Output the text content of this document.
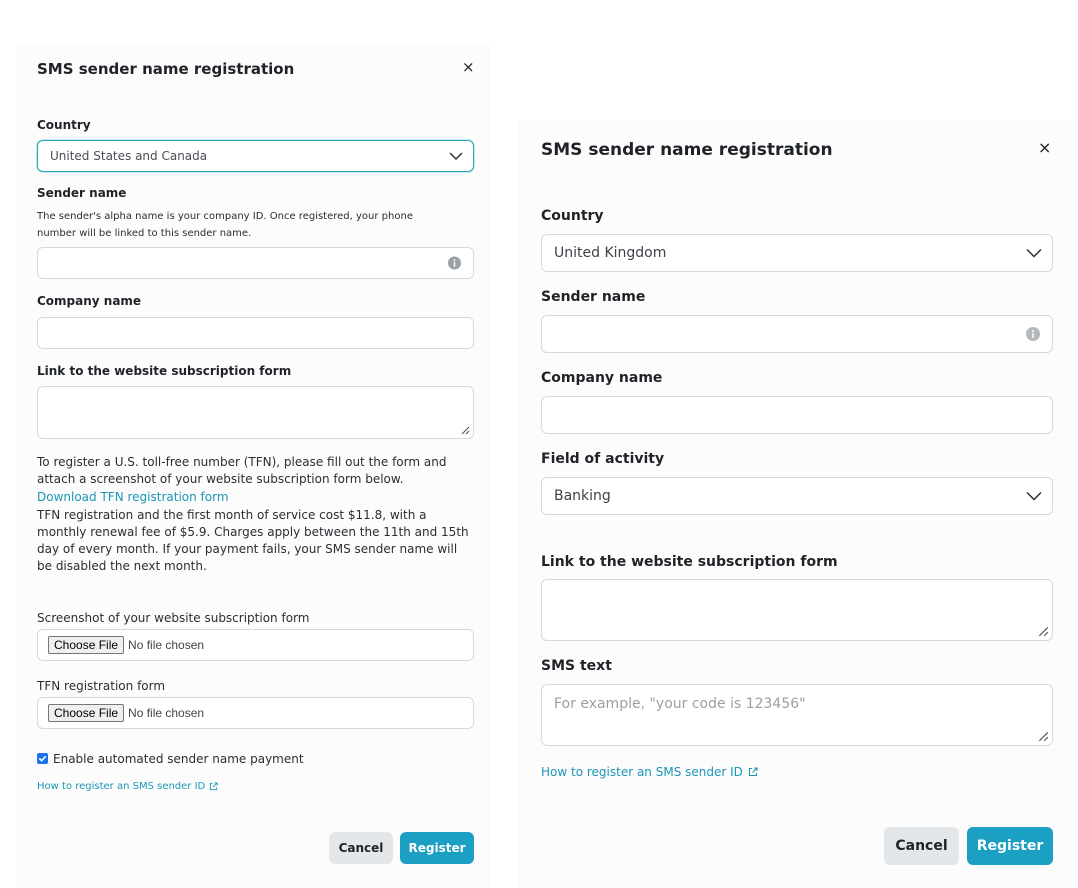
SMS sender name registration	×
Country
United States and Canada
Sender name
The sender's alpha name is your company ID. Once registered, your phone
number will be linked to this sender name.
Company name
Link to the website subscription form
To register a U.S. toll-free number (TFN), please fill out the form and
attach a screenshot of your website subscription form below.
Download TFN registration form
TFN registration and the first month of service cost $11.8, with a
monthly renewal fee of $5.9. Charges apply between the 11th and 15th
day of every month. If your payment fails, your SMS sender name will
be disabled the next month.
Screenshot of your website subscription form
Choose File No file chosen
TFN registration form
Choose File No file chosen
Enable automated sender name payment
How to register an SMS sender ID
Cancel	Register
SMS sender name registration	×
Country
United Kingdom
Sender name
Company name
Field of activity
Banking
Link to the website subscription form
SMS text
For example, "your code is 123456"
How to register an SMS sender ID
Cancel	Register
